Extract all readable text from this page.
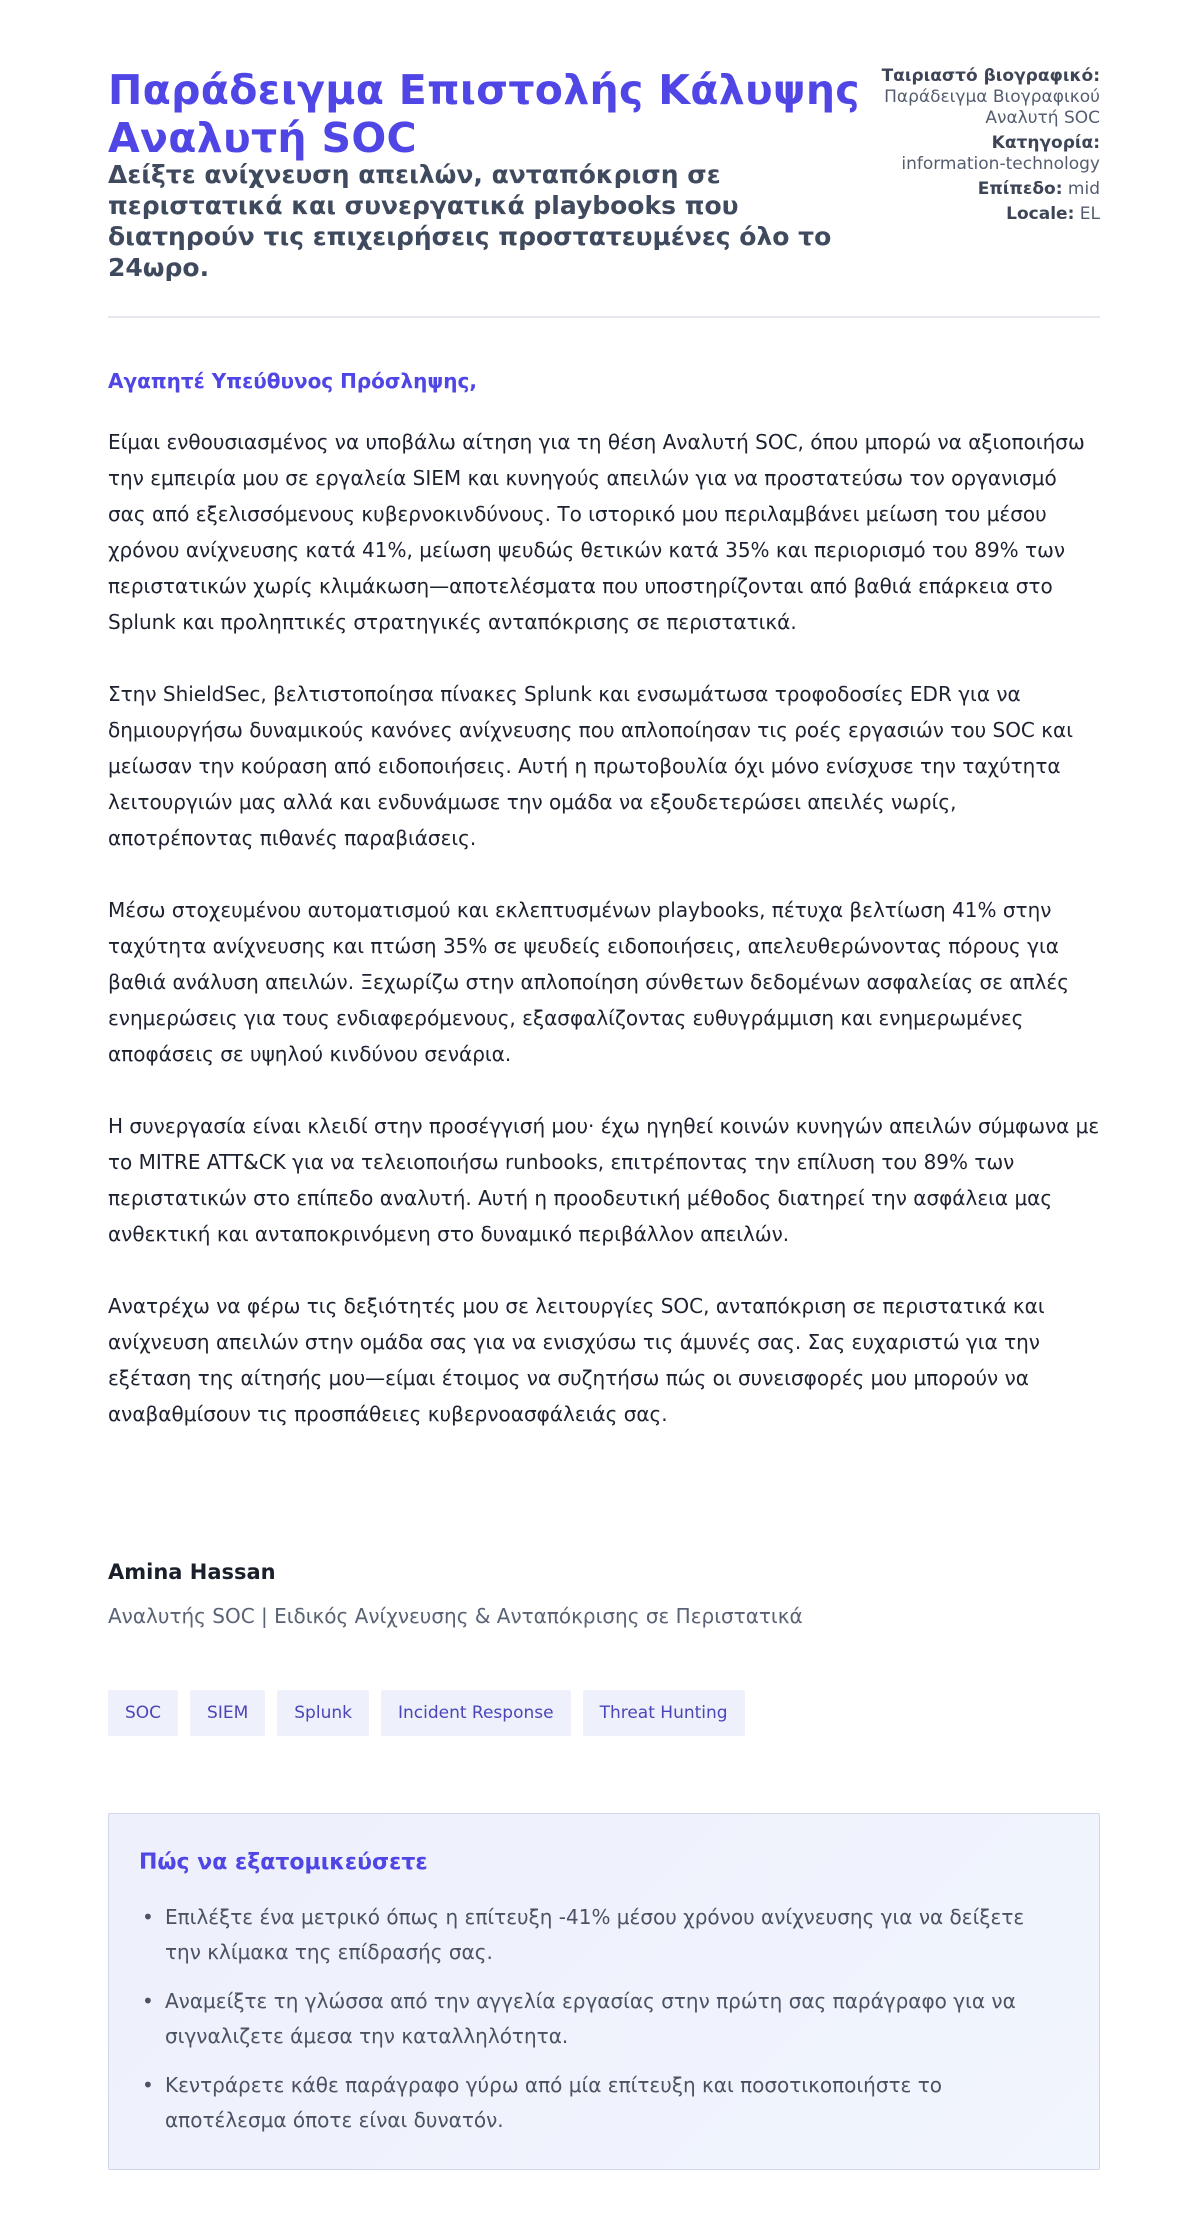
Παράδειγμα Επιστολής Κάλυψης Αναλυτή SOC
Δείξτε ανίχνευση απειλών, ανταπόκριση σε περιστατικά και συνεργατικά playbooks που διατηρούν τις επιχειρήσεις προστατευμένες όλο το 24ωρο.
Ταιριαστό βιογραφικό:
Παράδειγμα Βιογραφικού Αναλυτή SOC
Κατηγορία:
information-technology
Επίπεδο: mid
Locale: EL
Αγαπητέ Υπεύθυνος Πρόσληψης,

Είμαι ενθουσιασμένος να υποβάλω αίτηση για τη θέση Αναλυτή SOC, όπου μπορώ να αξιοποιήσω την εμπειρία μου σε εργαλεία SIEM και κυνηγούς απειλών για να προστατεύσω τον οργανισμό σας από εξελισσόμενους κυβερνοκινδύνους. Το ιστορικό μου περιλαμβάνει μείωση του μέσου χρόνου ανίχνευσης κατά 41%, μείωση ψευδώς θετικών κατά 35% και περιορισμό του 89% των περιστατικών χωρίς κλιμάκωση—αποτελέσματα που υποστηρίζονται από βαθιά επάρκεια στο Splunk και προληπτικές στρατηγικές ανταπόκρισης σε περιστατικά.

Στην ShieldSec, βελτιστοποίησα πίνακες Splunk και ενσωμάτωσα τροφοδοσίες EDR για να δημιουργήσω δυναμικούς κανόνες ανίχνευσης που απλοποίησαν τις ροές εργασιών του SOC και μείωσαν την κούραση από ειδοποιήσεις. Αυτή η πρωτοβουλία όχι μόνο ενίσχυσε την ταχύτητα λειτουργιών μας αλλά και ενδυνάμωσε την ομάδα να εξουδετερώσει απειλές νωρίς, αποτρέποντας πιθανές παραβιάσεις.

Μέσω στοχευμένου αυτοματισμού και εκλεπτυσμένων playbooks, πέτυχα βελτίωση 41% στην ταχύτητα ανίχνευσης και πτώση 35% σε ψευδείς ειδοποιήσεις, απελευθερώνοντας πόρους για βαθιά ανάλυση απειλών. Ξεχωρίζω στην απλοποίηση σύνθετων δεδομένων ασφαλείας σε απλές ενημερώσεις για τους ενδιαφερόμενους, εξασφαλίζοντας ευθυγράμμιση και ενημερωμένες αποφάσεις σε υψηλού κινδύνου σενάρια.

Η συνεργασία είναι κλειδί στην προσέγγισή μου· έχω ηγηθεί κοινών κυνηγών απειλών σύμφωνα με το MITRE ATT&CK για να τελειοποιήσω runbooks, επιτρέποντας την επίλυση του 89% των περιστατικών στο επίπεδο αναλυτή. Αυτή η προοδευτική μέθοδος διατηρεί την ασφάλεια μας ανθεκτική και ανταποκρινόμενη στο δυναμικό περιβάλλον απειλών.

Ανατρέχω να φέρω τις δεξιότητές μου σε λειτουργίες SOC, ανταπόκριση σε περιστατικά και ανίχνευση απειλών στην ομάδα σας για να ενισχύσω τις άμυνές σας. Σας ευχαριστώ για την εξέταση της αίτησής μου—είμαι έτοιμος να συζητήσω πώς οι συνεισφορές μου μπορούν να αναβαθμίσουν τις προσπάθειες κυβερνοασφάλειάς σας.

Amina Hassan
Αναλυτής SOC | Ειδικός Ανίχνευσης & Ανταπόκρισης σε Περιστατικά
SOC	SIEM	Splunk	Incident Response	Threat Hunting
Πώς να εξατομικεύσετε
• Επιλέξτε ένα μετρικό όπως η επίτευξη -41% μέσου χρόνου ανίχνευσης για να δείξετε την κλίμακα της επίδρασής σας.
• Αναμείξτε τη γλώσσα από την αγγελία εργασίας στην πρώτη σας παράγραφο για να σιγναλιζετε άμεσα την καταλληλότητα.
• Κεντράρετε κάθε παράγραφο γύρω από μία επίτευξη και ποσοτικοποιήστε το αποτέλεσμα όποτε είναι δυνατόν.
